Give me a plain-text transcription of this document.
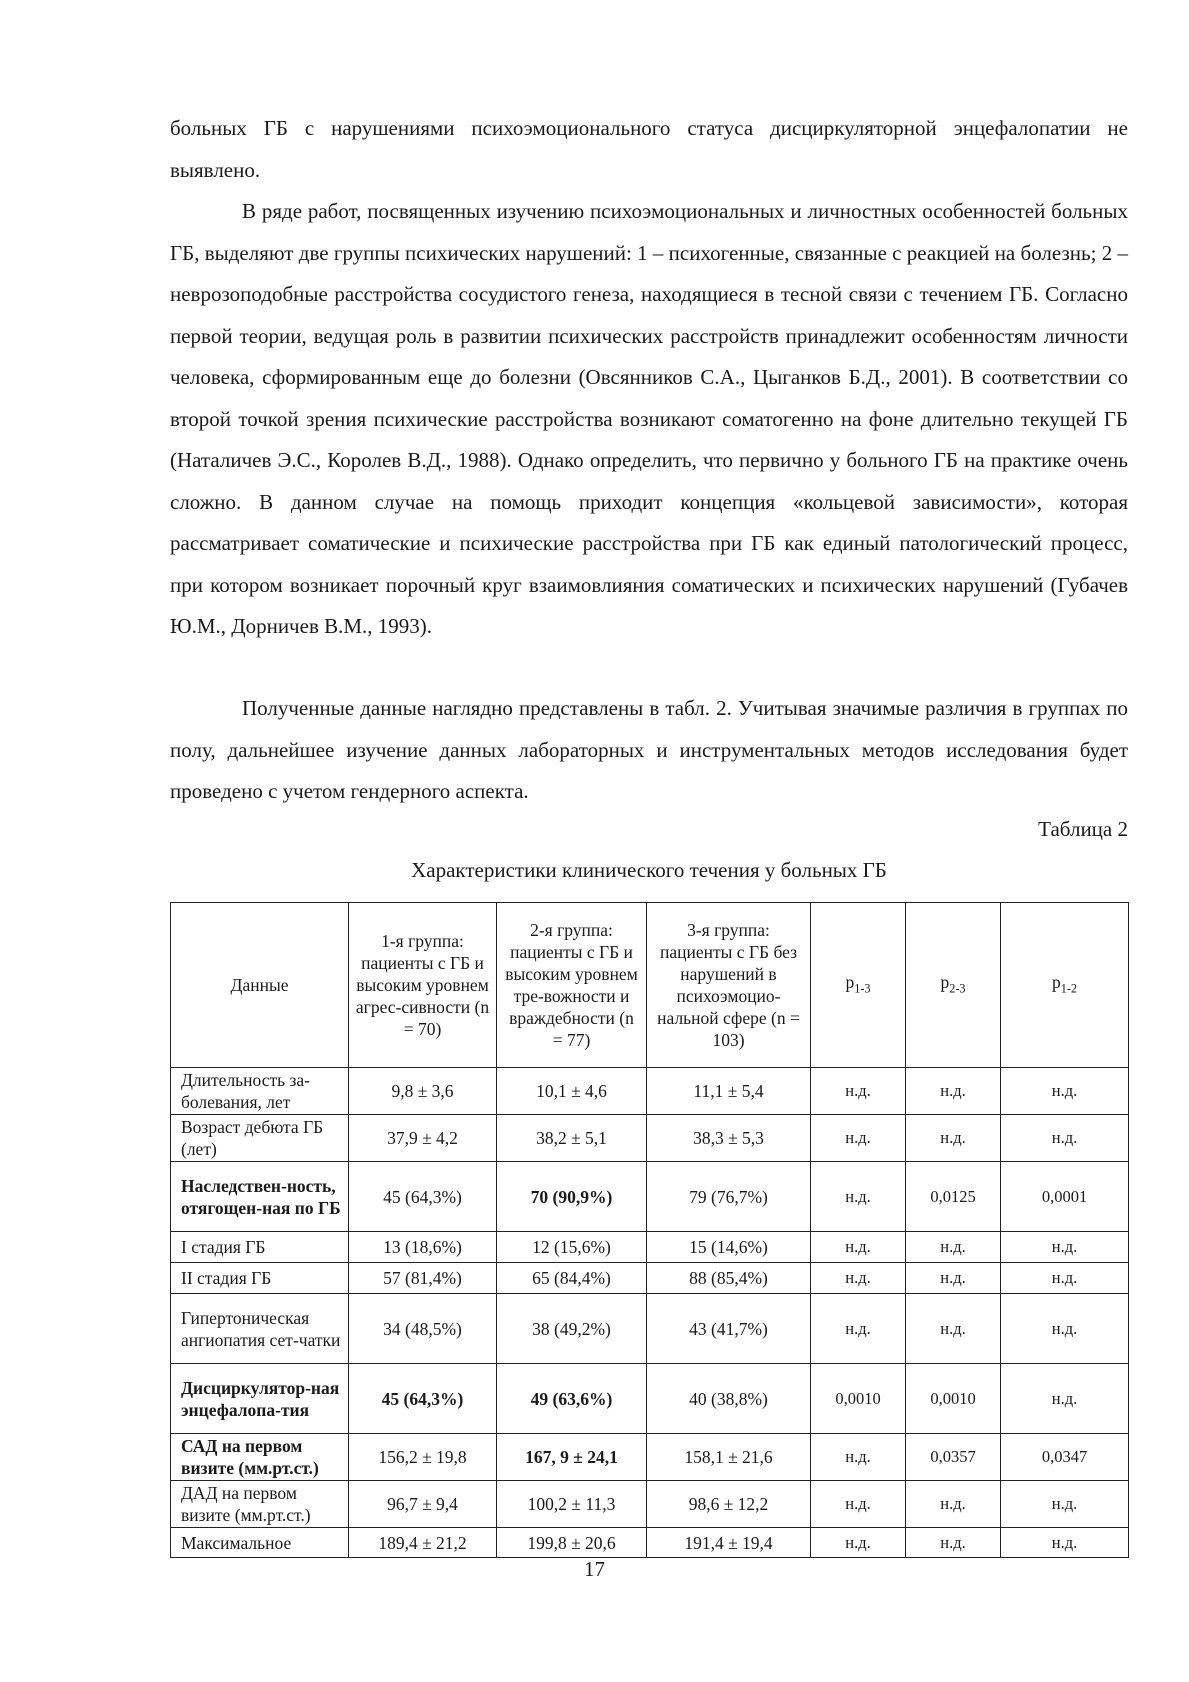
больных ГБ с нарушениями психоэмоционального статуса дисциркуляторной энцефалопатии не выявлено.

В ряде работ, посвященных изучению психоэмоциональных и личностных особенностей больных ГБ, выделяют две группы психических нарушений: 1 – психогенные, связанные с реакцией на болезнь; 2 – неврозоподобные расстройства сосудистого генеза, находящиеся в тесной связи с течением ГБ. Согласно первой теории, ведущая роль в развитии психических расстройств принадлежит особенностям личности человека, сформированным еще до болезни (Овсянников С.А., Цыганков Б.Д., 2001). В соответствии со второй точкой зрения психические расстройства возникают соматогенно на фоне длительно текущей ГБ (Наталичев Э.С., Королев В.Д., 1988). Однако определить, что первично у больного ГБ на практике очень сложно. В данном случае на помощь приходит концепция «кольцевой зависимости», которая рассматривает соматические и психические расстройства при ГБ как единый патологический процесс, при котором возникает порочный круг взаимовлияния соматических и психических нарушений (Губачев Ю.М., Дорничев В.М., 1993).

Полученные данные наглядно представлены в табл. 2. Учитывая значимые различия в группах по полу, дальнейшее изучение данных лабораторных и инструментальных методов исследования будет проведено с учетом гендерного аспекта.

Таблица 2
Характеристики клинического течения у больных ГБ
Данные	1-я группа: пациенты с ГБ и высоким уровнем агрес-сивности (n = 70)	2-я группа: пациенты с ГБ и высоким уровнем тре-вожности и враждебности (n = 77)	3-я группа: пациенты с ГБ без нарушений в психоэмоцио-нальной сфере (n = 103)	$p_{1-3}$	$p_{2-3}$	$p_{1-2}$
Длительность за-болевания, лет	9,8 ± 3,6	10,1 ± 4,6	11,1 ± 5,4	н.д.	н.д.	н.д.
Возраст дебюта ГБ (лет)	37,9 ± 4,2	38,2 ± 5,1	38,3 ± 5,3	н.д.	н.д.	н.д.
Наследствен-ность, отягощен-ная по ГБ	45 (64,3%)	70 (90,9%)	79 (76,7%)	н.д.	0,0125	0,0001
I стадия ГБ	13 (18,6%)	12 (15,6%)	15 (14,6%)	н.д.	н.д.	н.д.
II стадия ГБ	57 (81,4%)	65 (84,4%)	88 (85,4%)	н.д.	н.д.	н.д.
Гипертоническая ангиопатия сет-чатки	34 (48,5%)	38 (49,2%)	43 (41,7%)	н.д.	н.д.	н.д.
Дисциркулятор-ная энцефалопа-тия	45 (64,3%)	49 (63,6%)	40 (38,8%)	0,0010	0,0010	н.д.
САД на первом визите (мм.рт.ст.)	156,2 ± 19,8	167, 9 ± 24,1	158,1 ± 21,6	н.д.	0,0357	0,0347
ДАД на первом визите (мм.рт.ст.)	96,7 ± 9,4	100,2 ± 11,3	98,6 ± 12,2	н.д.	н.д.	н.д.
Максимальное	189,4 ± 21,2	199,8 ± 20,6	191,4 ± 19,4	н.д.	н.д.	н.д.
17
